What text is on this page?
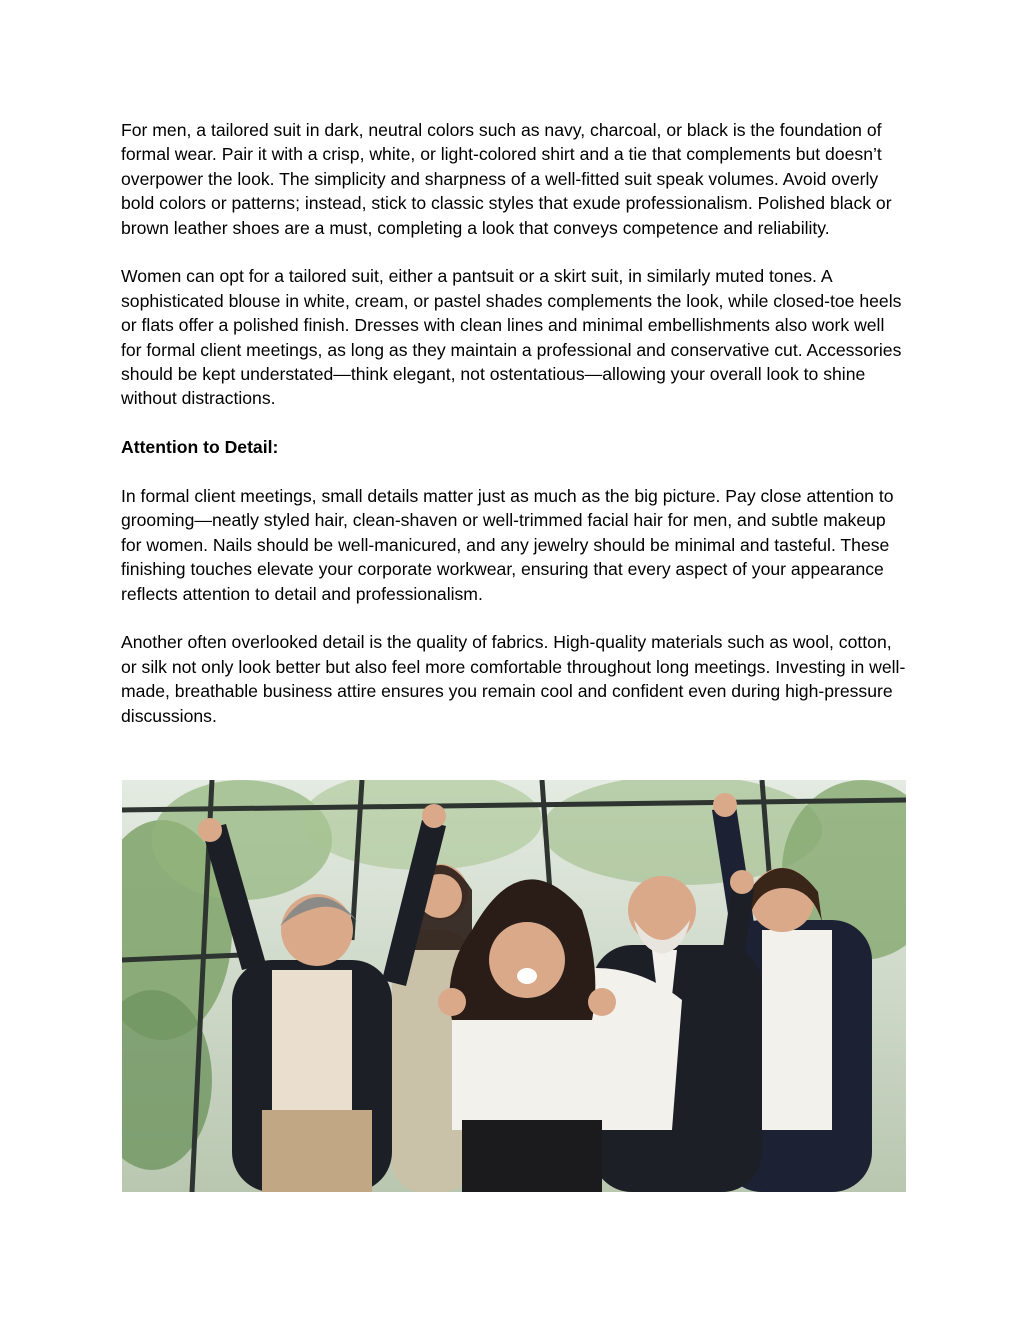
For men, a tailored suit in dark, neutral colors such as navy, charcoal, or black is the foundation of formal wear. Pair it with a crisp, white, or light-colored shirt and a tie that complements but doesn’t overpower the look. The simplicity and sharpness of a well-fitted suit speak volumes. Avoid overly bold colors or patterns; instead, stick to classic styles that exude professionalism. Polished black or brown leather shoes are a must, completing a look that conveys competence and reliability.

Women can opt for a tailored suit, either a pantsuit or a skirt suit, in similarly muted tones. A sophisticated blouse in white, cream, or pastel shades complements the look, while closed-toe heels or flats offer a polished finish. Dresses with clean lines and minimal embellishments also work well for formal client meetings, as long as they maintain a professional and conservative cut. Accessories should be kept understated—think elegant, not ostentatious—allowing your overall look to shine without distractions.

Attention to Detail:

In formal client meetings, small details matter just as much as the big picture. Pay close attention to grooming—neatly styled hair, clean-shaven or well-trimmed facial hair for men, and subtle makeup for women. Nails should be well-manicured, and any jewelry should be minimal and tasteful. These finishing touches elevate your corporate workwear, ensuring that every aspect of your appearance reflects attention to detail and professionalism.

Another often overlooked detail is the quality of fabrics. High-quality materials such as wool, cotton, or silk not only look better but also feel more comfortable throughout long meetings. Investing in well-made, breathable business attire ensures you remain cool and confident even during high-pressure discussions.
